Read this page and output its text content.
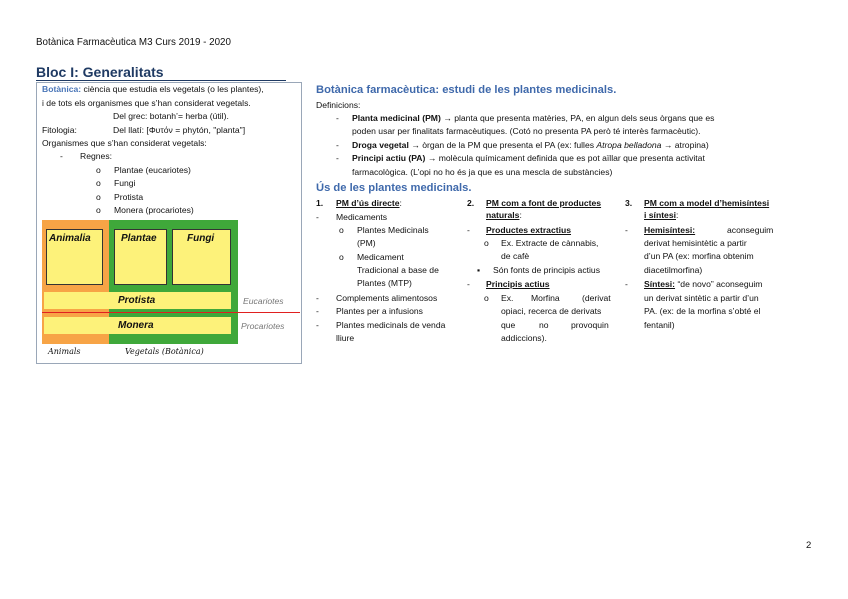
Botànica Farmacèutica M3 Curs 2019 - 2020
Bloc I: Generalitats
Botànica: ciència que estudia els vegetals (o les plantes),
i de tots els organismes que s’han considerat vegetals.
Del grec: botanh’= herba (útil).
Fitologia:	Del llatí: [Φυτόν = phytón, "planta"]
Organismes que s’han considerat vegetals:
- Regnes:
o Plantae (eucariotes)
o Fungi
o Protista
o Monera (procariotes)
Animalia	Plantae	Fungi
Protista
Monera
Eucariotes
Procariotes
Animals	Vegetals (Botànica)
Botànica farmacèutica: estudi de les plantes medicinals.
Definicions:
- Planta medicinal (PM) → planta que presenta matèries, PA, en algun dels seus òrgans que es
poden usar per finalitats farmacèutiques. (Cotó no presenta PA però té interès farmacèutic).
- Droga vegetal → òrgan de la PM que presenta el PA (ex: fulles Atropa belladona → atropina)
- Principi actiu (PA) → molècula químicament definida que es pot aïllar que presenta activitat
farmacològica. (L’opi no ho és ja que es una mescla de substàncies)
Ús de les plantes medicinals.
1. PM d’ús directe:
- Medicaments
o Plantes Medicinals
(PM)
o Medicament
Tradicional a base de
Plantes (MTP)
- Complements alimentosos
- Plantes per a infusions
- Plantes medicinals de venda
lliure
2. PM com a font de productes
naturals:
- Productes extractius
o Ex. Extracte de cànnabis,
de cafè
▪ Són fonts de principis actius
- Principis actius
o Ex. Morfina	(derivat
opiaci, recerca de derivats
que	no	provoquin
addiccions).
3. PM com a model d’hemisíntesi
i síntesi:
- Hemisíntesi:	aconseguim
derivat hemisintètic a partir
d’un PA (ex: morfina obtenim
diacetilmorfina)
- Síntesi: “de novo” aconseguim
un derivat sintètic a partir d’un
PA. (ex: de la morfina s’obté el
fentanil)
2
